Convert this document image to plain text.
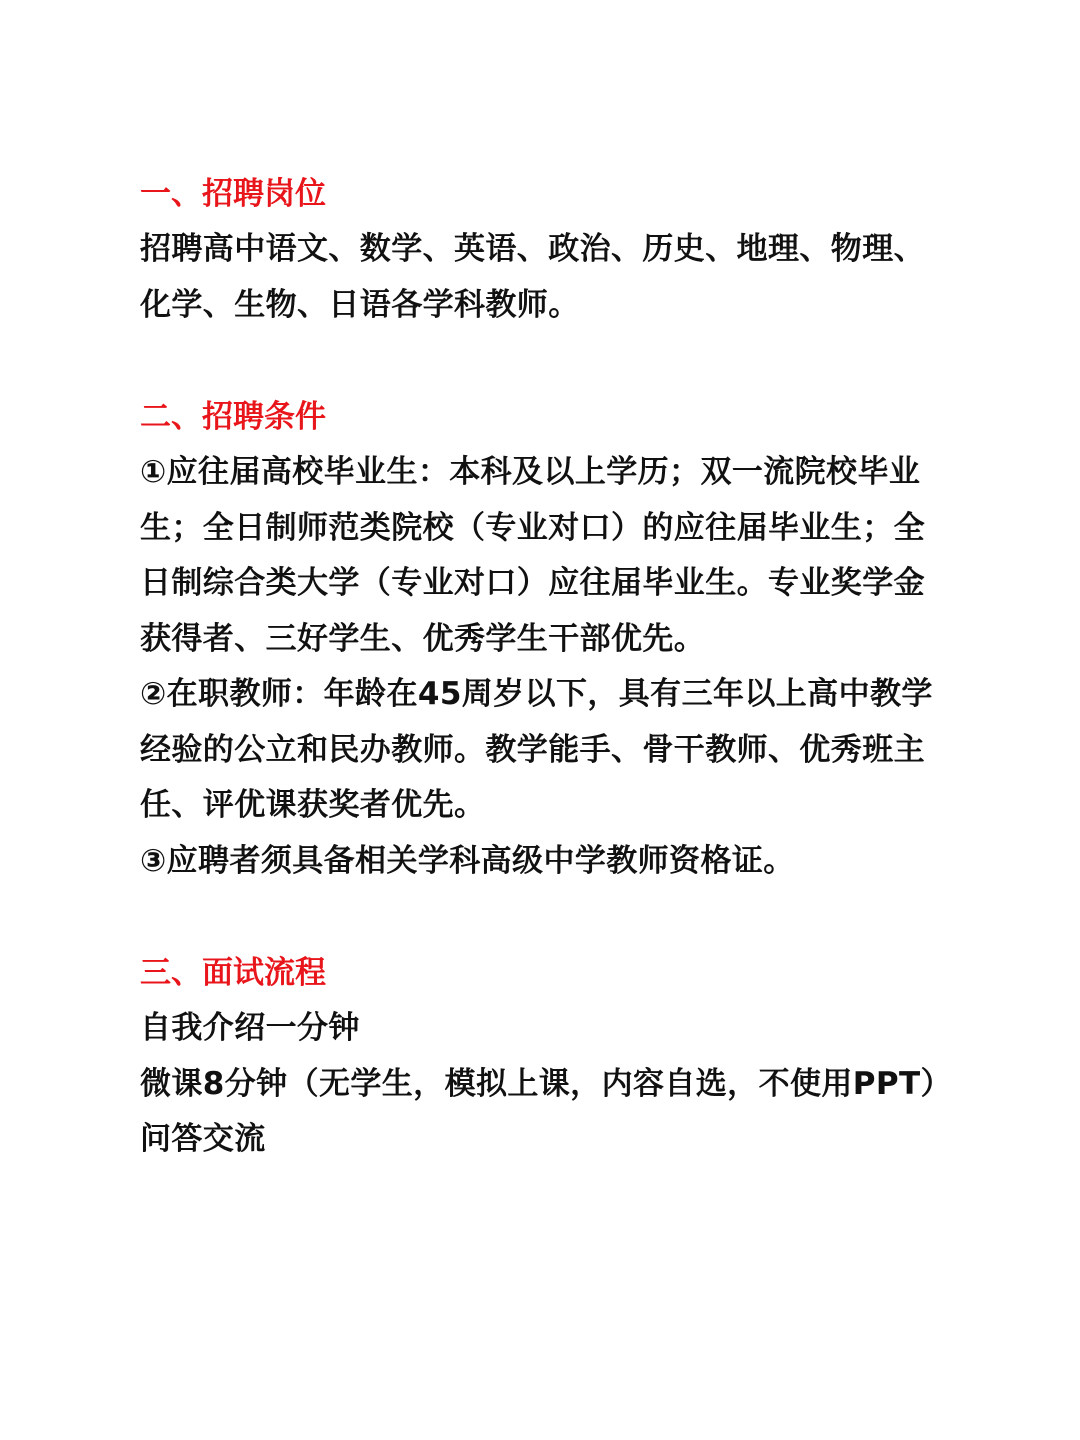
一、招聘岗位

招聘高中语文、数学、英语、政治、历史、地理、物理、化学、生物、日语各学科教师。

二、招聘条件

①应往届高校毕业生：本科及以上学历；双一流院校毕业生；全日制师范类院校（专业对口）的应往届毕业生；全日制综合类大学（专业对口）应往届毕业生。专业奖学金获得者、三好学生、优秀学生干部优先。

②在职教师：年龄在45周岁以下，具有三年以上高中教学经验的公立和民办教师。教学能手、骨干教师、优秀班主任、评优课获奖者优先。

③应聘者须具备相关学科高级中学教师资格证。

三、面试流程

自我介绍一分钟

微课8分钟（无学生，模拟上课，内容自选，不使用PPT）

问答交流
